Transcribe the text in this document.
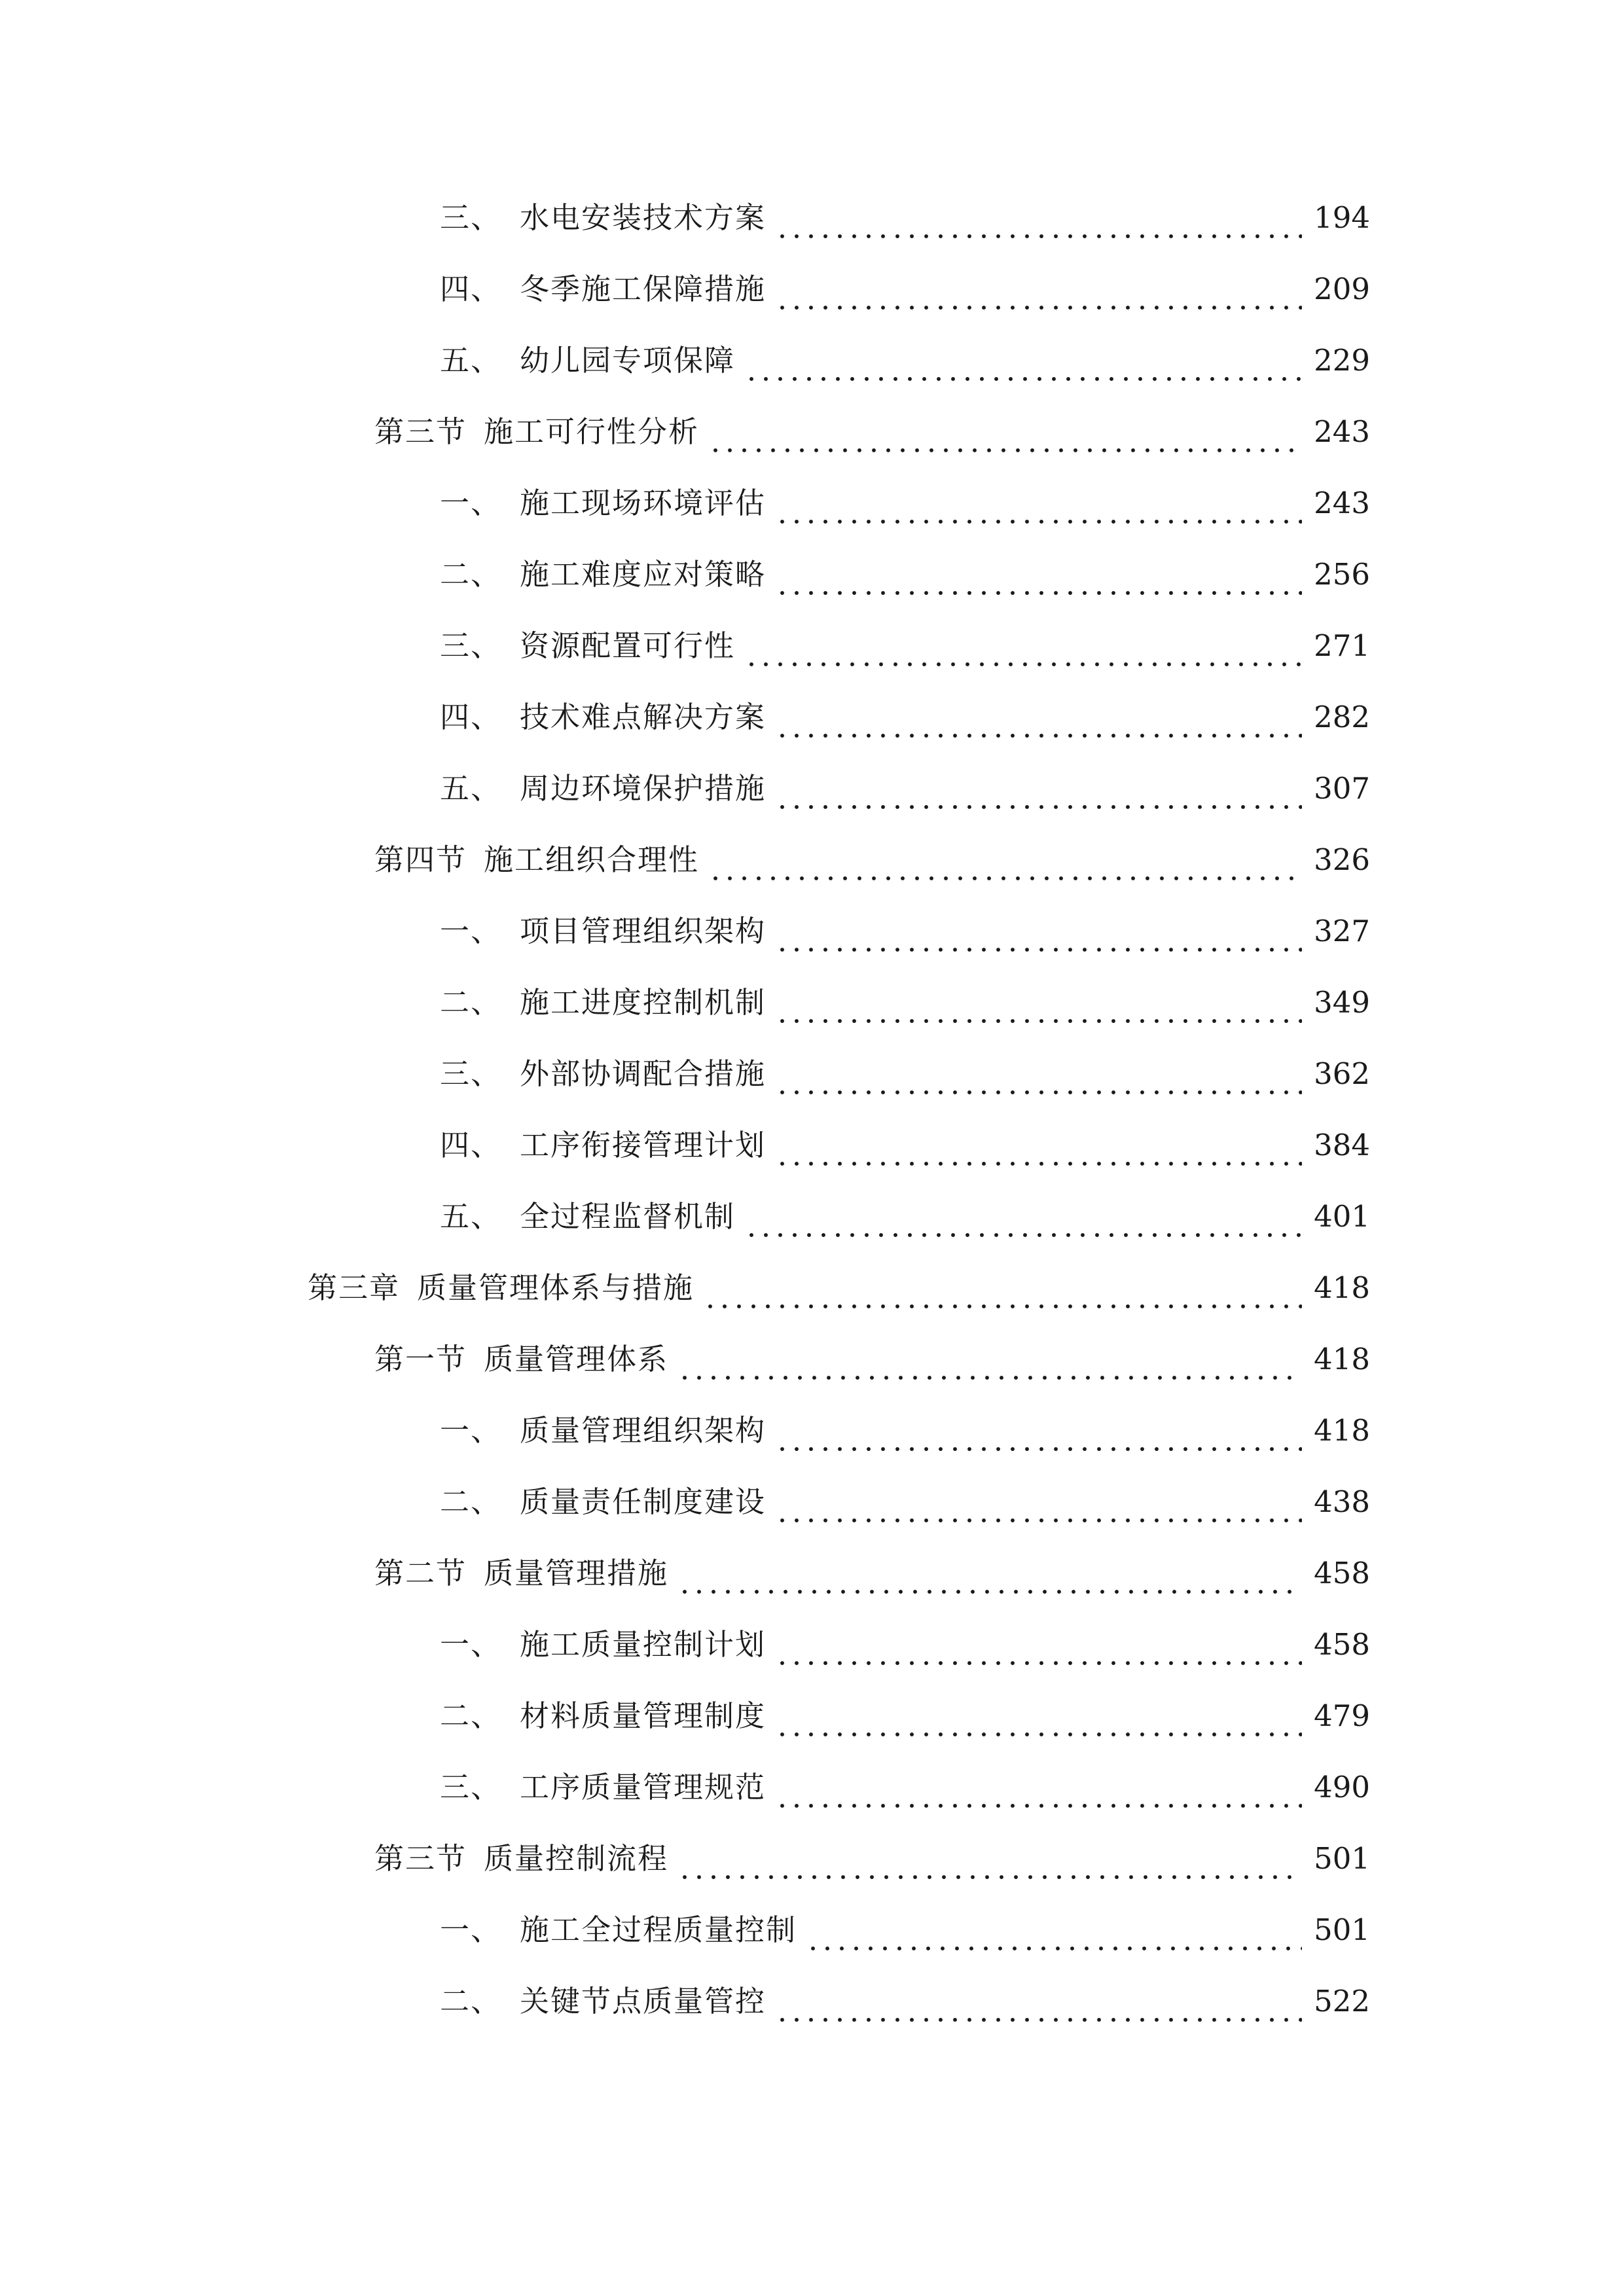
三、 水电安装技术方案	194
四、 冬季施工保障措施	209
五、 幼儿园专项保障	229
第三节 施工可行性分析	243
一、 施工现场环境评估	243
二、 施工难度应对策略	256
三、 资源配置可行性	271
四、 技术难点解决方案	282
五、 周边环境保护措施	307
第四节 施工组织合理性	326
一、 项目管理组织架构	327
二、 施工进度控制机制	349
三、 外部协调配合措施	362
四、 工序衔接管理计划	384
五、 全过程监督机制	401
第三章 质量管理体系与措施	418
第一节 质量管理体系	418
一、 质量管理组织架构	418
二、 质量责任制度建设	438
第二节 质量管理措施	458
一、 施工质量控制计划	458
二、 材料质量管理制度	479
三、 工序质量管理规范	490
第三节 质量控制流程	501
一、 施工全过程质量控制	501
二、 关键节点质量管控	522
